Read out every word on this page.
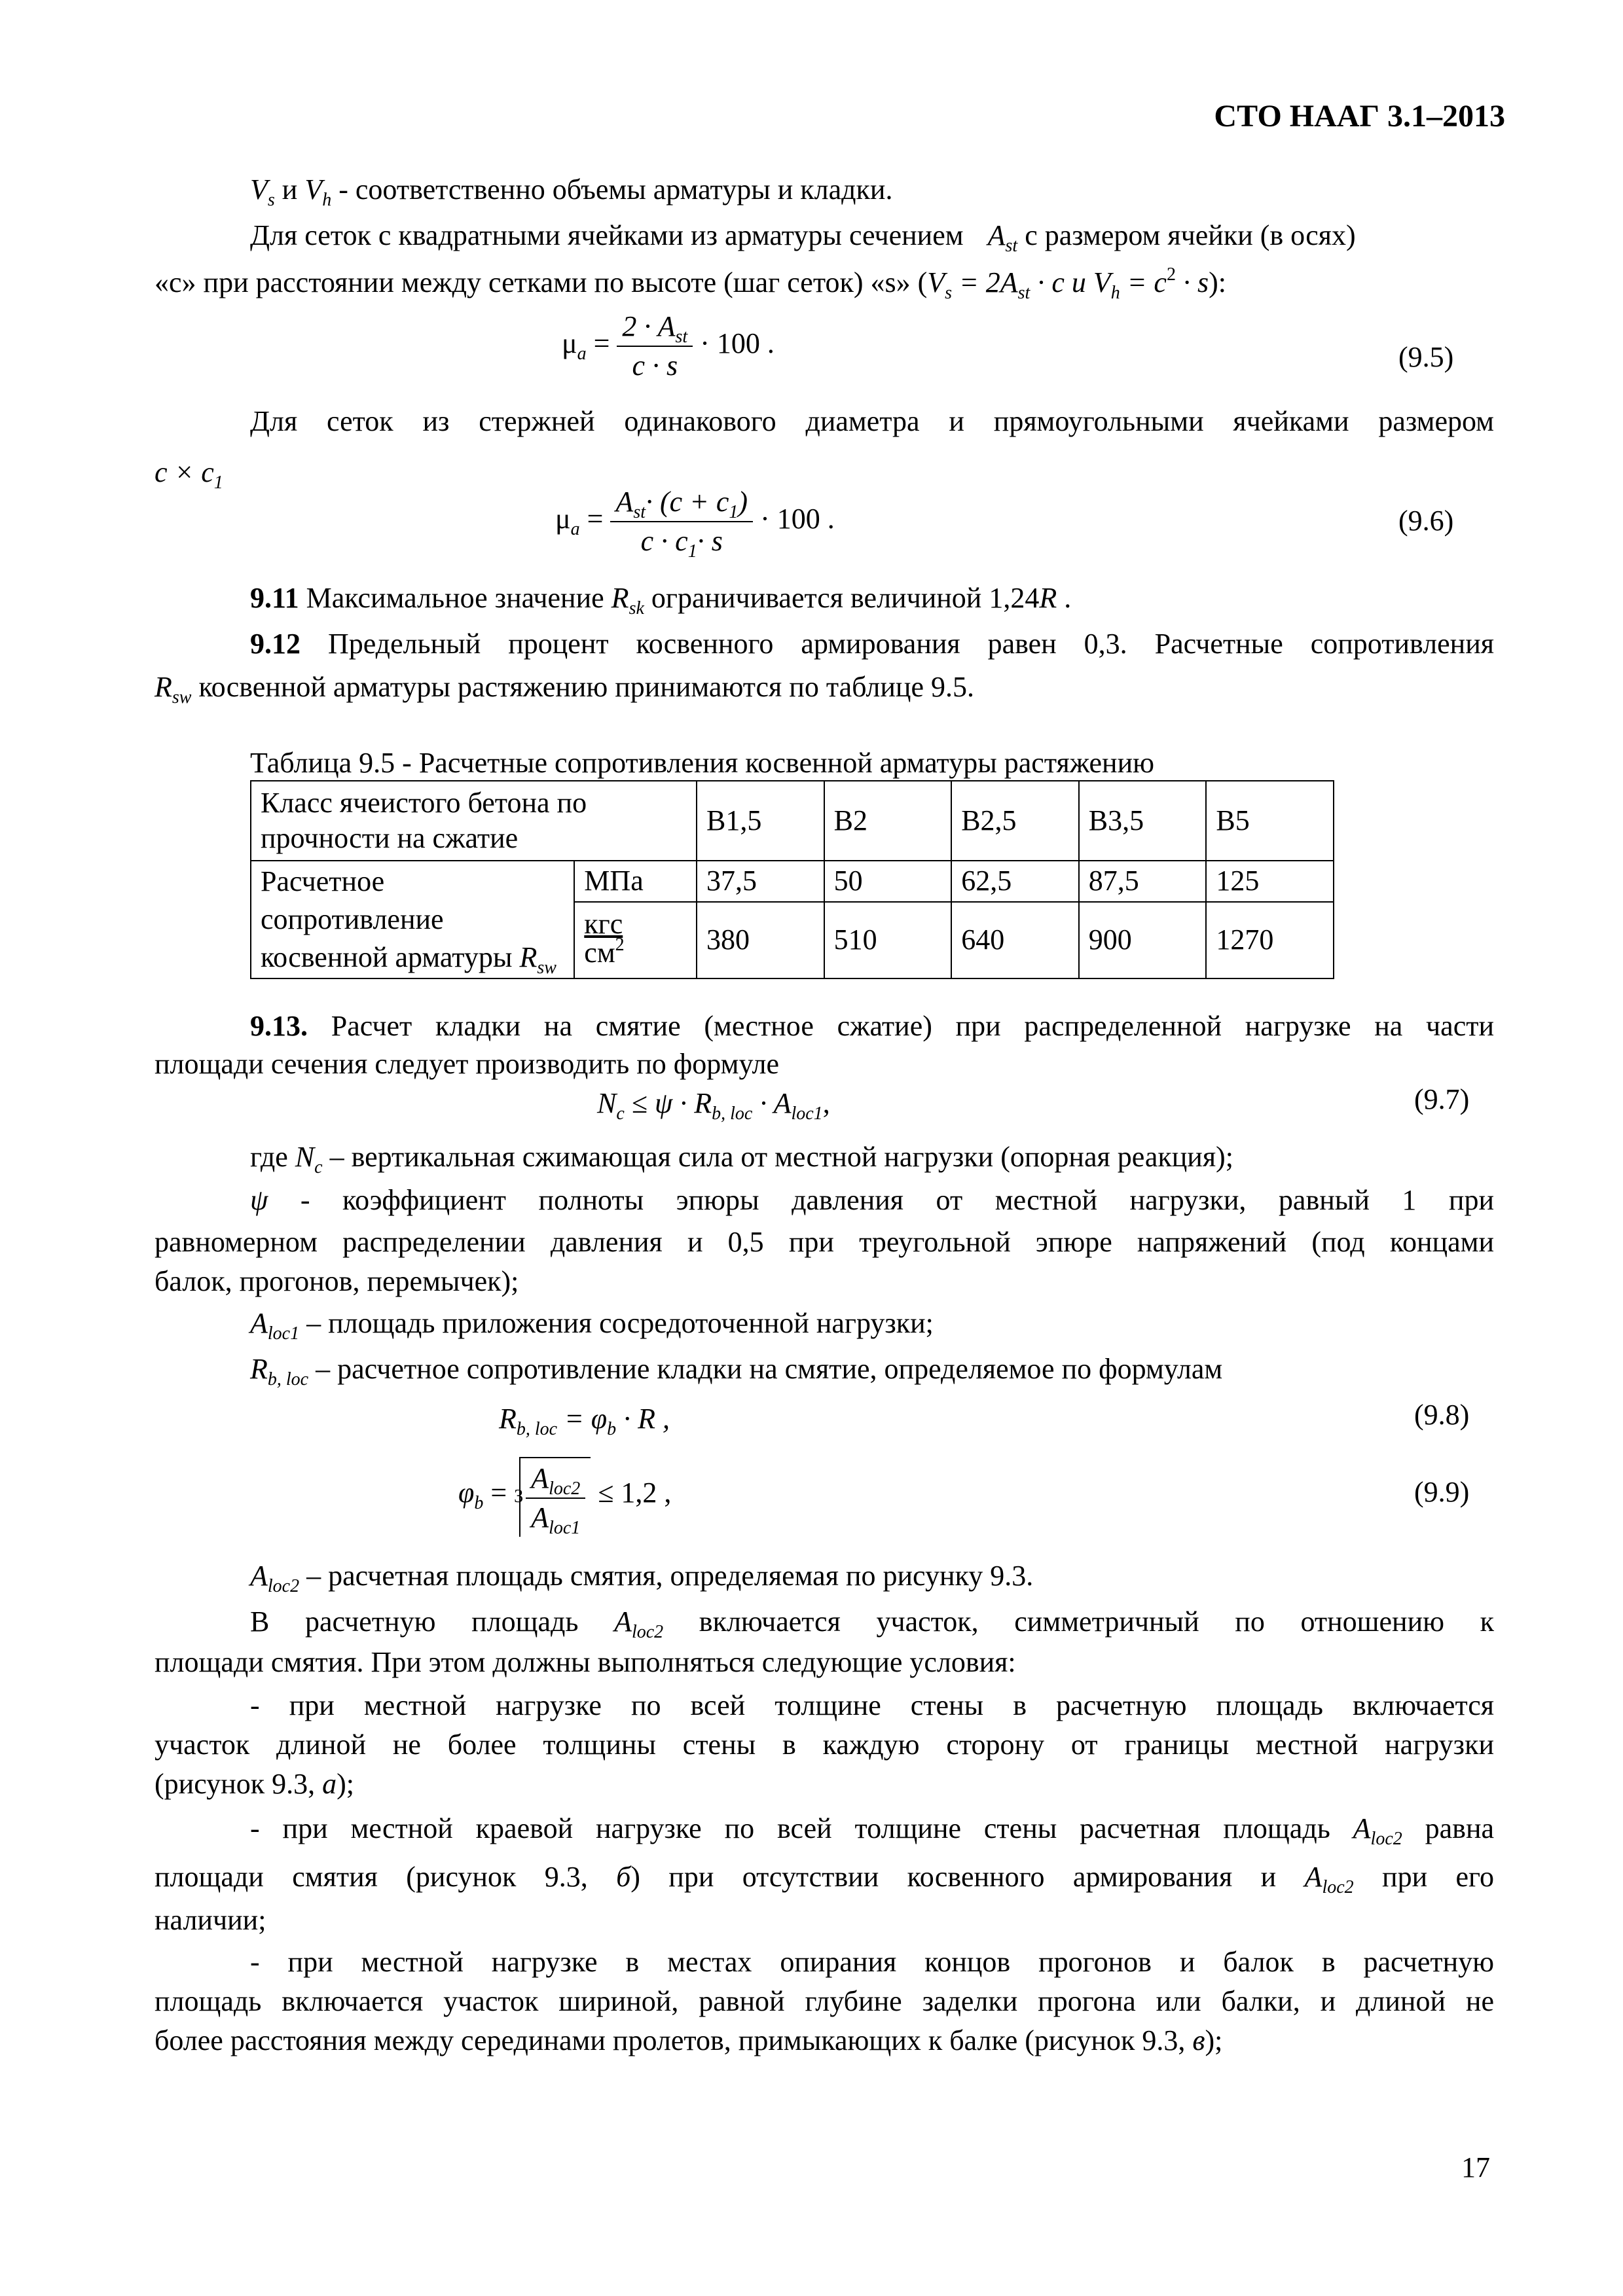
СТО НААГ 3.1–2013
$V_s$ и $V_h$ - соответственно объемы арматуры и кладки.
Для сеток с квадратными ячейками из арматуры сечением $A_{st}$ с размером ячейки (в осях)
«с» при расстоянии между сетками по высоте (шаг сеток) «s» ($V_s = 2A_{st} \cdot c$ и $V_h = c^2 \cdot s$):
$\mu_a = \frac{2 \cdot A_{st}}{c \cdot s} \cdot 100$ .	(9.5)
Для сеток из стержней одинакового диаметра и прямоугольными ячейками размером
$c \times c_1$
$\mu_a = \frac{A_{st}\cdot (c + c_1)}{c \cdot c_1\cdot s} \cdot 100$ .	(9.6)
9.11 Максимальное значение $R_{sk}$ ограничивается величиной 1,24R .
9.12 Предельный процент косвенного армирования равен 0,3. Расчетные сопротивления
$R_{sw}$ косвенной арматуры растяжению принимаются по таблице 9.5.
Таблица 9.5 - Расчетные сопротивления косвенной арматуры растяжению
Класс ячеистого бетона по прочности на сжатие		В1,5	В2	В2,5	В3,5	В5
Расчетное сопротивление
косвенной арматуры $R_{sw}$	МПа	37,5	50	62,5	87,5	125

	$\frac{\text{кгс}}{см^2}$	380	510	640	900	1270
9.13. Расчет кладки на смятие (местное сжатие) при распределенной нагрузке на части
площади сечения следует производить по формуле
$N_c \le \psi \cdot R_{b, loc} \cdot A_{loc1}$,	(9.7)
где $N_c$ – вертикальная сжимающая сила от местной нагрузки (опорная реакция);
ψ - коэффициент полноты эпюры давления от местной нагрузки, равный 1 при
равномерном распределении давления и 0,5 при треугольной эпюре напряжений (под концами
балок, прогонов, перемычек);
$A_{loc1}$ – площадь приложения сосредоточенной нагрузки;
$R_{b, loc}$ – расчетное сопротивление кладки на смятие, определяемое по формулам
$R_{b, loc} = \varphi_b \cdot R$ ,	(9.8)
$\varphi_b = 3 \frac{A_{loc2}}{A_{loc1}} \le 1,2$ ,	(9.9)
$A_{loc2}$ – расчетная площадь смятия, определяемая по рисунку 9.3.
В расчетную площадь $A_{loc2}$ включается участок, симметричный по отношению к
площади смятия. При этом должны выполняться следующие условия:
- при местной нагрузке по всей толщине стены в расчетную площадь включается
участок длиной не более толщины стены в каждую сторону от границы местной нагрузки
(рисунок 9.3, а);
- при местной краевой нагрузке по всей толщине стены расчетная площадь $A_{loc2}$ равна
площади смятия (рисунок 9.3, б) при отсутствии косвенного армирования и $A_{loc2}$ при его
наличии;
- при местной нагрузке в местах опирания концов прогонов и балок в расчетную
площадь включается участок шириной, равной глубине заделки прогона или балки, и длиной не
более расстояния между серединами пролетов, примыкающих к балке (рисунок 9.3, в);
17
